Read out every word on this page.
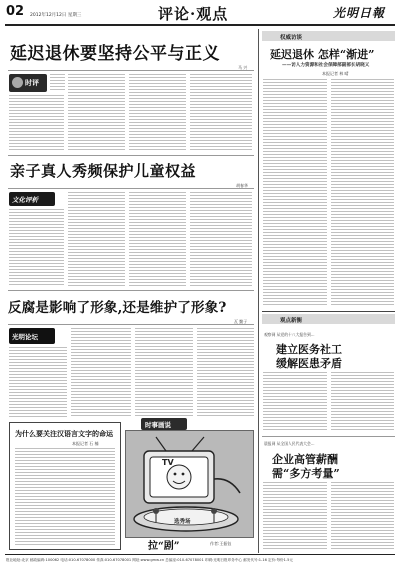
02 2012年12月12日 星期三	评论·观点	光明日報
延迟退休要坚持公平与正义
马 兴
时评
亲子真人秀频保护儿童权益
胡春华
文化评析
反腐是影响了形象,还是维护了形象?
瓦 勤子
光明论坛
为什么要关注汉语言文字的命运
本报记者 石 楠
时事画说
TV
选秀场
拉“剧”	作者:王振钰
权威访谈
延迟退休 怎样“渐进”
——访人力资源和社会保障部副部长胡晓义
本报记者 林 晴
观点新衡
观察网 从党的十八大报告到…
建立医务社工
缓解医患矛盾
晨报网 从全国人民代表大会…
企业高管薪酬
需“多方考量”
报社地址:北京 邮政编码:100062 电话:010-67078000 传真:010-67078001 网址:www.gmw.cn 总编室:010-67078001 印刷:光明日报印务中心 邮发代号:1-16 定价:每份1.5元
